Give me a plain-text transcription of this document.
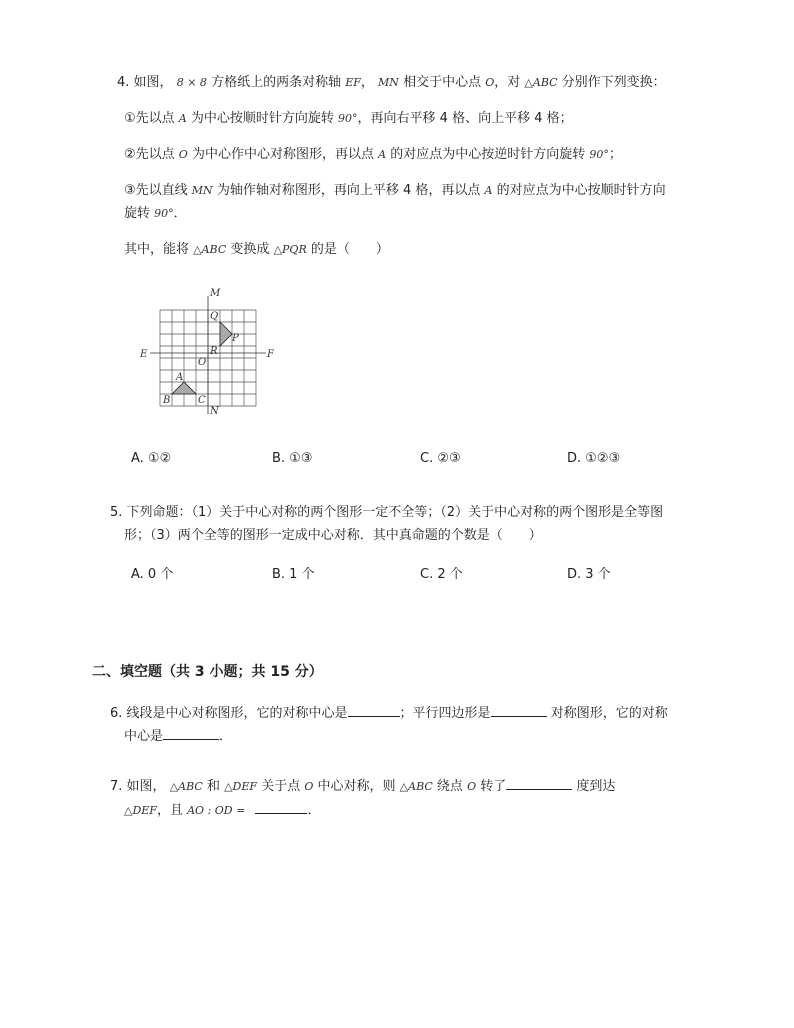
4. 如图， 8 × 8 方格纸上的两条对称轴 EF， MN 相交于中心点 O，对 △ABC 分别作下列变换：
①先以点 A 为中心按顺时针方向旋转 90°，再向右平移 4 格、向上平移 4 格；
②先以点 O 为中心作中心对称图形，再以点 A 的对应点为中心按逆时针方向旋转 90°；
③先以直线 MN 为轴作轴对称图形，再向上平移 4 格，再以点 A 的对应点为中心按顺时针方向
旋转 90°．
其中，能将 △ABC 变换成 △PQR 的是（　　）
M
N
E	F
O
Q
P
R
A
B	C
A. ①②	B. ①③	C. ②③	D. ①②③
5. 下列命题：（1）关于中心对称的两个图形一定不全等；（2）关于中心对称的两个图形是全等图
形；（3）两个全等的图形一定成中心对称．其中真命题的个数是（　　）
A. 0 个	B. 1 个	C. 2 个	D. 3 个
二、填空题（共 3 小题；共 15 分）
6. 线段是中心对称图形，它的对称中心是	；平行四边形是	对称图形，它的对称
中心是	．
7. 如图， △ABC 和 △DEF 关于点 O 中心对称，则 △ABC 绕点 O 转了	度到达
△DEF，且 AO : OD =	．
